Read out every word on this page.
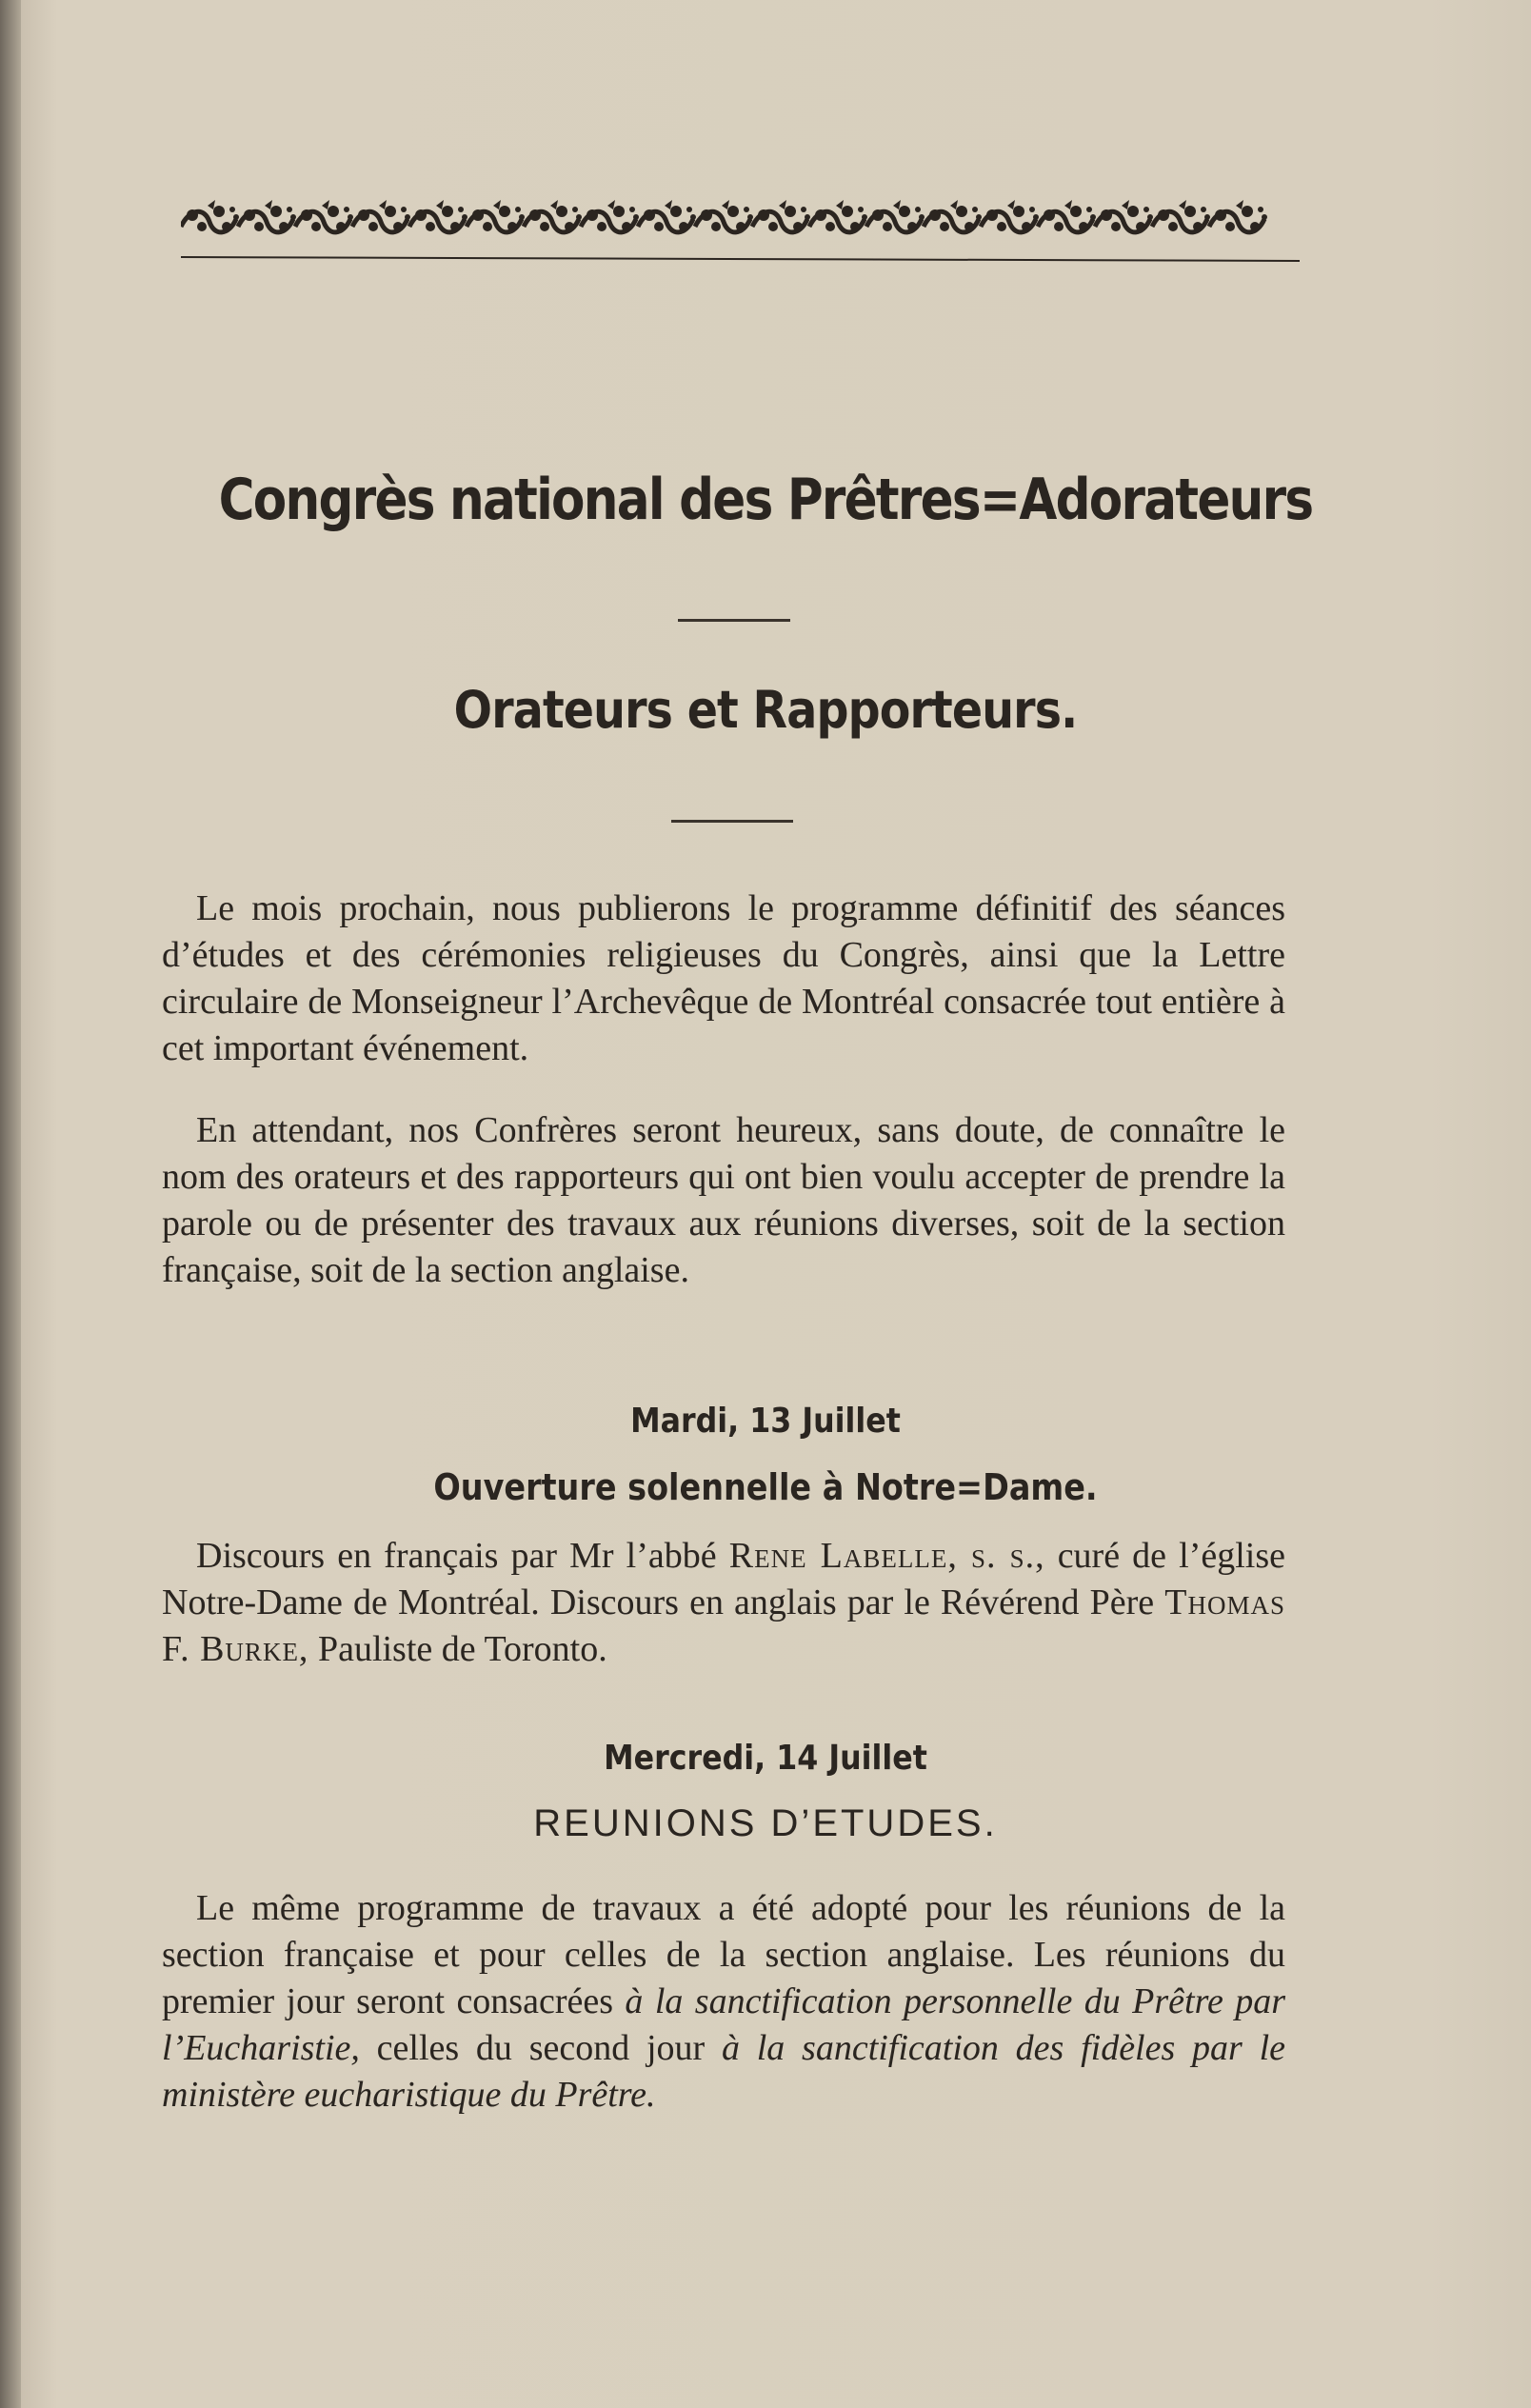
Congrès national des Prêtres=Adorateurs
Orateurs et Rapporteurs.

Le mois prochain, nous publierons le programme définitif des séances d’études et des cérémonies religieuses du Congrès, ainsi que la Lettre circulaire de Monseigneur l’Archevêque de Montréal consacrée tout entière à cet important événement.

En attendant, nos Confrères seront heureux, sans doute, de connaître le nom des orateurs et des rapporteurs qui ont bien voulu accepter de prendre la parole ou de présenter des travaux aux réunions diverses, soit de la section française, soit de la section anglaise.

Mardi, 13 Juillet
Ouverture solennelle à Notre=Dame.

Discours en français par Mr l’abbé Rene Labelle, s. s., curé de l’église Notre-Dame de Montréal. Discours en anglais par le Révérend Père Thomas F. Burke, Pauliste de Toronto.

Mercredi, 14 Juillet
REUNIONS D’ETUDES.

Le même programme de travaux a été adopté pour les réunions de la section française et pour celles de la section anglaise. Les réunions du premier jour seront consacrées à la sanctification personnelle du Prêtre par l’Eucharistie, celles du second jour à la sanctification des fidèles par le ministère eucharistique du Prêtre.
